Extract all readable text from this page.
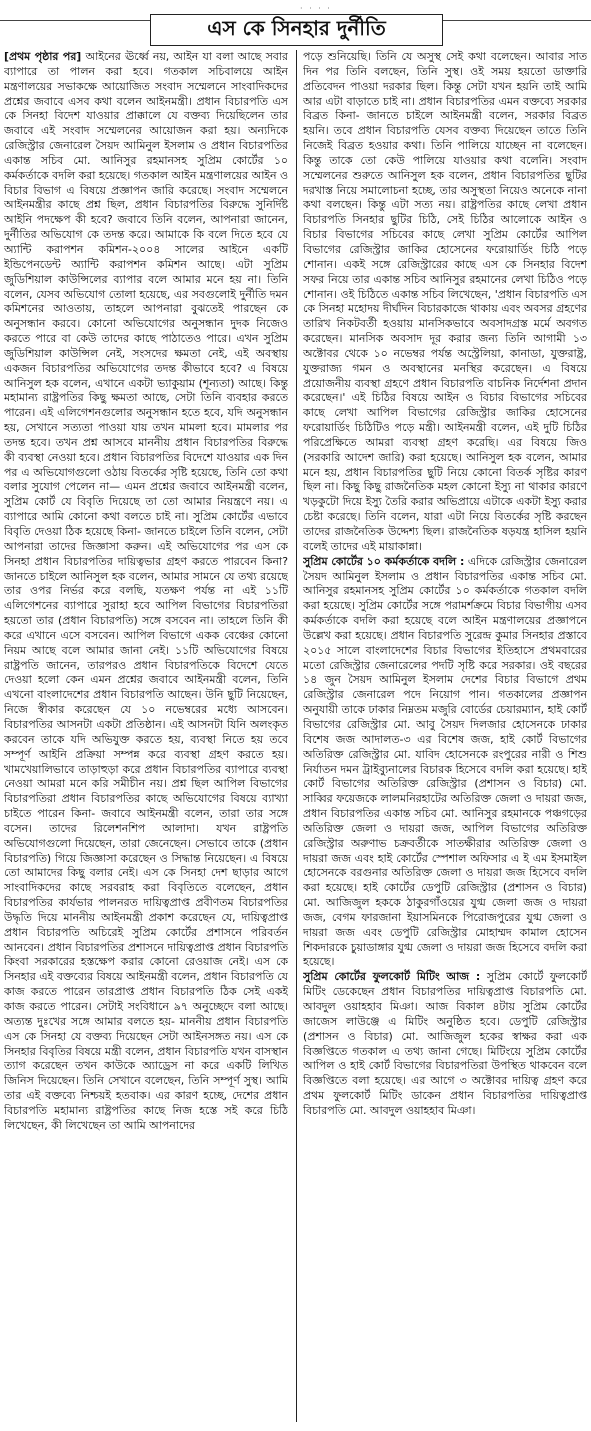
· · · ·
এস কে সিনহার দুর্নীতি

[প্রথম পৃষ্ঠার পর] আইনের ঊর্ধ্বে নয়, আইন যা বলা আছে সবার ব্যাপারে তা পালন করা হবে। গতকাল সচিবালয়ে আইন মন্ত্রণালয়ের সভাকক্ষে আয়োজিত সংবাদ সম্মেলনে সাংবাদিকদের প্রশ্নের জবাবে এসব কথা বলেন আইনমন্ত্রী। প্রধান বিচারপতি এস কে সিনহা বিদেশ যাওয়ার প্রাক্কালে যে বক্তব্য দিয়েছিলেন তার জবাবে এই সংবাদ সম্মেলনের আয়োজন করা হয়। অন্যদিকে রেজিস্ট্রার জেনারেল সৈয়দ আমিনুল ইসলাম ও প্রধান বিচারপতির একান্ত সচিব মো. আনিসুর রহমানসহ সুপ্রিম কোর্টের ১০ কর্মকর্তাকে বদলি করা হয়েছে। গতকাল আইন মন্ত্রণালয়ের আইন ও বিচার বিভাগ এ বিষয়ে প্রজ্ঞাপন জারি করেছে। সংবাদ সম্মেলনে আইনমন্ত্রীর কাছে প্রশ্ন ছিল, প্রধান বিচারপতির বিরুদ্ধে সুনির্দিষ্ট আইনি পদক্ষেপ কী হবে? জবাবে তিনি বলেন, আপনারা জানেন, দুর্নীতির অভিযোগ কে তদন্ত করে। আমাকে কি বলে দিতে হবে যে অ্যান্টি করাপশন কমিশন-২০০৪ সালের আইনে একটি ইন্ডিপেনডেন্ট অ্যান্টি করাপশন কমিশন আছে। এটা সুপ্রিম জুডিশিয়াল কাউন্সিলের ব্যাপার বলে আমার মনে হয় না। তিনি বলেন, যেসব অভিযোগ তোলা হয়েছে, এর সবগুলোই দুর্নীতি দমন কমিশনের আওতায়, তাহলে আপনারা বুঝতেই পারছেন কে অনুসন্ধান করবে। কোনো অভিযোগের অনুসন্ধান দুদক নিজেও করতে পারে বা কেউ তাদের কাছে পাঠাতেও পারে। এখন সুপ্রিম জুডিশিয়াল কাউন্সিল নেই, সংসদের ক্ষমতা নেই, এই অবস্থায় একজন বিচারপতির অভিযোগের তদন্ত কীভাবে হবে? এ বিষয়ে আনিসুল হক বলেন, এখানে একটা ভ্যাকুয়াম (শূন্যতা) আছে। কিন্তু মহামান্য রাষ্ট্রপতির কিছু ক্ষমতা আছে, সেটা তিনি ব্যবহার করতে পারেন। এই এলিগেশনগুলোর অনুসন্ধান হতে হবে, যদি অনুসন্ধান হয়, সেখানে সত্যতা পাওয়া যায় তখন মামলা হবে। মামলার পর তদন্ত হবে। তখন প্রশ্ন আসবে মাননীয় প্রধান বিচারপতির বিরুদ্ধে কী ব্যবস্থা নেওয়া হবে। প্রধান বিচারপতির বিদেশে যাওয়ার এক দিন পর এ অভিযোগগুলো ওঠায় বিতর্কের সৃষ্টি হয়েছে, তিনি তো কথা বলার সুযোগ পেলেন না— এমন প্রশ্নের জবাবে আইনমন্ত্রী বলেন, সুপ্রিম কোর্ট যে বিবৃতি দিয়েছে তা তো আমার নিয়ন্ত্রণে নয়। এ ব্যাপারে আমি কোনো কথা বলতে চাই না। সুপ্রিম কোর্টের এভাবে বিবৃতি দেওয়া ঠিক হয়েছে কিনা- জানতে চাইলে তিনি বলেন, সেটা আপনারা তাদের জিজ্ঞাসা করুন। এই অভিযোগের পর এস কে সিনহা প্রধান বিচারপতির দায়িত্বভার গ্রহণ করতে পারবেন কিনা? জানতে চাইলে আনিসুল হক বলেন, আমার সামনে যে তথ্য রয়েছে তার ওপর নির্ভর করে বলছি, যতক্ষণ পর্যন্ত না এই ১১টি এলিগেশনের ব্যাপারে সুরাহা হবে আপিল বিভাগের বিচারপতিরা হয়তো তার (প্রধান বিচারপতি) সঙ্গে বসবেন না। তাহলে তিনি কী করে এখানে এসে বসবেন। আপিল বিভাগে একক বেঞ্চের কোনো নিয়ম আছে বলে আমার জানা নেই। ১১টি অভিযোগের বিষয়ে রাষ্ট্রপতি জানেন, তারপরও প্রধান বিচারপতিকে বিদেশে যেতে দেওয়া হলো কেন এমন প্রশ্নের জবাবে আইনমন্ত্রী বলেন, তিনি এখনো বাংলাদেশের প্রধান বিচারপতি আছেন। উনি ছুটি নিয়েছেন, নিজে স্বীকার করেছেন যে ১০ নভেম্বরের মধ্যে আসবেন। বিচারপতির আসনটা একটা প্রতিষ্ঠান। এই আসনটা যিনি অলংকৃত করবেন তাকে যদি অভিযুক্ত করতে হয়, ব্যবস্থা নিতে হয় তবে সম্পূর্ণ আইনি প্রক্রিয়া সম্পন্ন করে ব্যবস্থা গ্রহণ করতে হয়। খামখেয়ালিভাবে তাড়াহুড়া করে প্রধান বিচারপতির ব্যাপারে ব্যবস্থা নেওয়া আমরা মনে করি সমীচীন নয়। প্রশ্ন ছিল আপিল বিভাগের বিচারপতিরা প্রধান বিচারপতির কাছে অভিযোগের বিষয়ে ব্যাখ্যা চাইতে পারেন কিনা- জবাবে আইনমন্ত্রী বলেন, তারা তার সঙ্গে বসেন। তাদের রিলেশনশিপ আলাদা। যখন রাষ্ট্রপতি অভিযোগগুলো দিয়েছেন, তারা জেনেছেন। সেভাবে তাকে (প্রধান বিচারপতি) গিয়ে জিজ্ঞাসা করেছেন ও সিদ্ধান্ত নিয়েছেন। এ বিষয়ে তো আমাদের কিছু বলার নেই। এস কে সিনহা দেশ ছাড়ার আগে সাংবাদিকদের কাছে সরবরাহ করা বিবৃতিতে বলেছেন, প্রধান বিচারপতির কার্যভার পালনরত দায়িত্বপ্রাপ্ত প্রবীণতম বিচারপতির উদ্ধৃতি দিয়ে মাননীয় আইনমন্ত্রী প্রকাশ করেছেন যে, দায়িত্বপ্রাপ্ত প্রধান বিচারপতি অচিরেই সুপ্রিম কোর্টের প্রশাসনে পরিবর্তন আনবেন। প্রধান বিচারপতির প্রশাসনে দায়িত্বপ্রাপ্ত প্রধান বিচারপতি কিংবা সরকারের হস্তক্ষেপ করার কোনো রেওয়াজ নেই। এস কে সিনহার এই বক্তব্যের বিষয়ে আইনমন্ত্রী বলেন, প্রধান বিচারপতি যে কাজ করতে পারেন তারপ্রাপ্ত প্রধান বিচারপতি ঠিক সেই একই কাজ করতে পারেন। সেটাই সংবিধানে ৯৭ অনুচ্ছেদে বলা আছে। অত্যন্ত দুঃখের সঙ্গে আমার বলতে হয়- মাননীয় প্রধান বিচারপতি এস কে সিনহা যে বক্তব্য দিয়েছেন সেটা আইনসঙ্গত নয়। এস কে সিনহার বিবৃতির বিষয়ে মন্ত্রী বলেন, প্রধান বিচারপতি যখন বাসস্থান ত্যাগ করেছেন তখন কাউকে অ্যাড্রেস না করে একটি লিখিত জিনিস দিয়েছেন। তিনি সেখানে বলেছেন, তিনি সম্পূর্ণ সুস্থ। আমি তার এই বক্তব্যে নিশ্চয়ই হতবাক। এর কারণ হচ্ছে, দেশের প্রধান বিচারপতি মহামান্য রাষ্ট্রপতির কাছে নিজ হস্তে সই করে চিঠি লিখেছেন, কী লিখেছেন তা আমি আপনাদের

পড়ে শুনিয়েছি। তিনি যে অসুস্থ সেই কথা বলেছেন। আবার সাত দিন পর তিনি বলছেন, তিনি সুস্থ। ওই সময় হয়তো ডাক্তারি প্রতিবেদন পাওয়া দরকার ছিল। কিন্তু সেটা যখন হয়নি তাই আমি আর এটা বাড়াতে চাই না। প্রধান বিচারপতির এমন বক্তব্যে সরকার বিব্রত কিনা- জানতে চাইলে আইনমন্ত্রী বলেন, সরকার বিব্রত হয়নি। তবে প্রধান বিচারপতি যেসব বক্তব্য দিয়েছেন তাতে তিনি নিজেই বিব্রত হওয়ার কথা। তিনি পালিয়ে যাচ্ছেন না বলেছেন। কিন্তু তাকে তো কেউ পালিয়ে যাওয়ার কথা বলেনি। সংবাদ সম্মেলনের শুরুতে আনিসুল হক বলেন, প্রধান বিচারপতির ছুটির দরখাস্ত নিয়ে সমালোচনা হচ্ছে, তার অসুস্থতা নিয়েও অনেকে নানা কথা বলছেন। কিন্তু এটা সত্য নয়। রাষ্ট্রপতির কাছে লেখা প্রধান বিচারপতি সিনহার ছুটির চিঠি, সেই চিঠির আলোকে আইন ও বিচার বিভাগের সচিবের কাছে লেখা সুপ্রিম কোর্টের আপিল বিভাগের রেজিস্ট্রার জাকির হোসেনের ফরোয়ার্ডিং চিঠি পড়ে শোনান। একই সঙ্গে রেজিস্ট্রারের কাছে এস কে সিনহার বিদেশ সফর নিয়ে তার একান্ত সচিব আনিসুর রহমানের লেখা চিঠিও পড়ে শোনান। ওই চিঠিতে একান্ত সচিব লিখেছেন, 'প্রধান বিচারপতি এস কে সিনহা মহোদয় দীর্ঘদিন বিচারকাজে থাকায় এবং অবসর গ্রহণের তারিখ নিকটবর্তী হওয়ায় মানসিকভাবে অবসাদগ্রস্ত মর্মে অবগত করেছেন। মানসিক অবসাদ দূর করার জন্য তিনি আগামী ১৩ অক্টোবর থেকে ১০ নভেম্বর পর্যন্ত অস্ট্রেলিয়া, কানাডা, যুক্তরাষ্ট্র, যুক্তরাজ্য গমন ও অবস্থানের মনস্থির করেছেন। এ বিষয়ে প্রয়োজনীয় ব্যবস্থা গ্রহণে প্রধান বিচারপতি বাচনিক নির্দেশনা প্রদান করেছেন।' এই চিঠির বিষয়ে আইন ও বিচার বিভাগের সচিবের কাছে লেখা আপিল বিভাগের রেজিস্ট্রার জাকির হোসেনের ফরোয়ার্ডিং চিঠিটিও পড়ে মন্ত্রী। আইনমন্ত্রী বলেন, এই দুটি চিঠির পরিপ্রেক্ষিতে আমরা ব্যবস্থা গ্রহণ করেছি। এর বিষয়ে জিও (সরকারি আদেশ জারি) করা হয়েছে। আনিসুল হক বলেন, আমার মনে হয়, প্রধান বিচারপতির ছুটি নিয়ে কোনো বিতর্ক সৃষ্টির কারণ ছিল না। কিছু কিছু রাজনৈতিক মহল কোনো ইস্যু না থাকার কারণে খড়কুটো দিয়ে ইস্যু তৈরি করার অভিপ্রায়ে এটাকে একটা ইস্যু করার চেষ্টা করেছে। তিনি বলেন, যারা এটা নিয়ে বিতর্কের সৃষ্টি করছেন তাদের রাজনৈতিক উদ্দেশ্য ছিল। রাজনৈতিক ষড়যন্ত্র হাসিল হয়নি বলেই তাদের এই মায়াকান্না।

সুপ্রিম কোর্টের ১০ কর্মকর্তাকে বদলি : এদিকে রেজিস্ট্রার জেনারেল সৈয়দ আমিনুল ইসলাম ও প্রধান বিচারপতির একান্ত সচিব মো. আনিসুর রহমানসহ সুপ্রিম কোর্টের ১০ কর্মকর্তাকে গতকাল বদলি করা হয়েছে। সুপ্রিম কোর্টের সঙ্গে পরামর্শক্রমে বিচার বিভাগীয় এসব কর্মকর্তাকে বদলি করা হয়েছে বলে আইন মন্ত্রণালয়ের প্রজ্ঞাপনে উল্লেখ করা হয়েছে। প্রধান বিচারপতি সুরেন্দ্র কুমার সিনহার প্রস্তাবে ২০১৫ সালে বাংলাদেশের বিচার বিভাগের ইতিহাসে প্রথমবারের মতো রেজিস্ট্রার জেনারেলের পদটি সৃষ্টি করে সরকার। ওই বছরের ১৪ জুন সৈয়দ আমিনুল ইসলাম দেশের বিচার বিভাগে প্রথম রেজিস্ট্রার জেনারেল পদে নিয়োগ পান। গতকালের প্রজ্ঞাপন অনুযায়ী তাকে ঢাকার নিম্নতম মজুরি বোর্ডের চেয়ারম্যান, হাই কোর্ট বিভাগের রেজিস্ট্রার মো. আবু সৈয়দ দিলজার হোসেনকে ঢাকার বিশেষ জজ আদালত-৩ এর বিশেষ জজ, হাই কোর্ট বিভাগের অতিরিক্ত রেজিস্ট্রার মো. যাবিদ হোসেনকে রংপুরের নারী ও শিশু নির্যাতন দমন ট্রাইব্যুনালের বিচারক হিসেবে বদলি করা হয়েছে। হাই কোর্ট বিভাগের অতিরিক্ত রেজিস্ট্রার (প্রশাসন ও বিচার) মো. সাব্বির ফয়েজকে লালমনিরহাটের অতিরিক্ত জেলা ও দায়রা জজ, প্রধান বিচারপতির একান্ত সচিব মো. আনিসুর রহমানকে পঞ্চগড়ের অতিরিক্ত জেলা ও দায়রা জজ, আপিল বিভাগের অতিরিক্ত রেজিস্ট্রার অরুণাভ চক্রবর্তীকে সাতক্ষীরার অতিরিক্ত জেলা ও দায়রা জজ এবং হাই কোর্টের স্পেশাল অফিসার এ ই এম ইসমাইল হোসেনকে বরগুনার অতিরিক্ত জেলা ও দায়রা জজ হিসেবে বদলি করা হয়েছে। হাই কোর্টের ডেপুটি রেজিস্ট্রার (প্রশাসন ও বিচার) মো. আজিজুল হককে ঠাকুরগাঁওয়ের যুগ্ম জেলা জজ ও দায়রা জজ, বেগম ফারজানা ইয়াসমিনকে পিরোজপুরের যুগ্ম জেলা ও দায়রা জজ এবং ডেপুটি রেজিস্ট্রার মোহাম্মদ কামাল হোসেন শিকদারকে চুয়াডাঙ্গার যুগ্ম জেলা ও দায়রা জজ হিসেবে বদলি করা হয়েছে।

সুপ্রিম কোর্টের ফুলকোর্ট মিটিং আজ : সুপ্রিম কোর্টে ফুলকোর্ট মিটিং ডেকেছেন প্রধান বিচারপতির দায়িত্বপ্রাপ্ত বিচারপতি মো. আবদুল ওয়াহহাব মিঞা। আজ বিকাল ৪টায় সুপ্রিম কোর্টের জাজেস লাউঞ্জে এ মিটিং অনুষ্ঠিত হবে। ডেপুটি রেজিস্ট্রার (প্রশাসন ও বিচার) মো. আজিজুল হকের স্বাক্ষর করা এক বিজ্ঞপ্তিতে গতকাল এ তথ্য জানা গেছে। মিটিংয়ে সুপ্রিম কোর্টের আপিল ও হাই কোর্ট বিভাগের বিচারপতিরা উপস্থিত থাকবেন বলে বিজ্ঞপ্তিতে বলা হয়েছে। এর আগে ৩ অক্টোবর দায়িত্ব গ্রহণ করে প্রথম ফুলকোর্ট মিটিং ডাকেন প্রধান বিচারপতির দায়িত্বপ্রাপ্ত বিচারপতি মো. আবদুল ওয়াহহাব মিঞা।
